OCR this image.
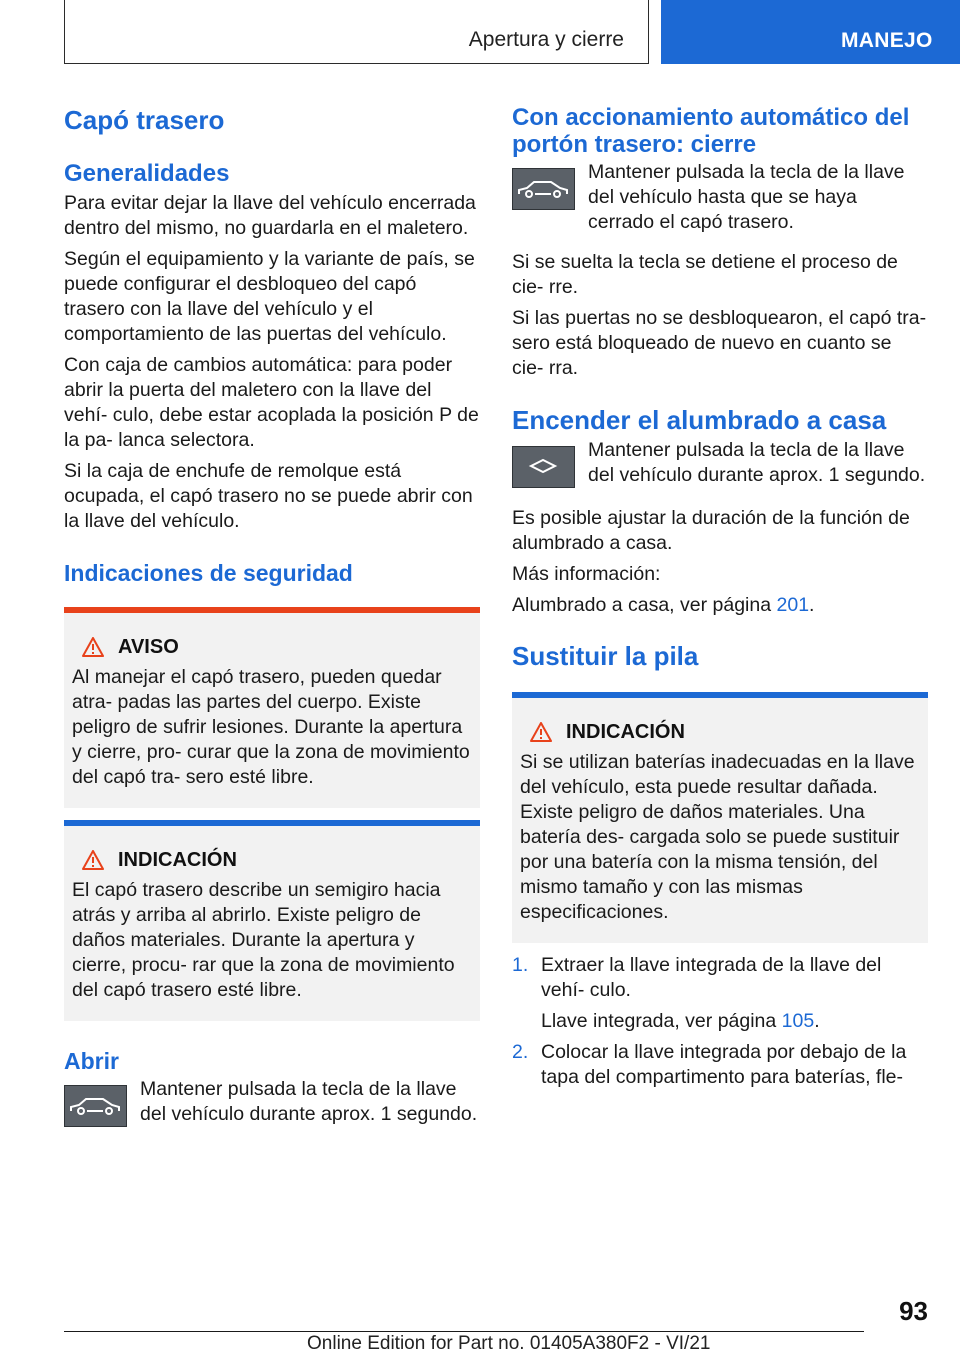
Apertura y cierre	MANEJO
Capó trasero
Generalidades

Para evitar dejar la llave del vehículo encerrada dentro del mismo, no guardarla en el maletero.

Según el equipamiento y la variante de país, se puede configurar el desbloqueo del capó trasero con la llave del vehículo y el comportamiento de las puertas del vehículo.

Con caja de cambios automática: para poder abrir la puerta del maletero con la llave del vehí‐ culo, debe estar acoplada la posición P de la pa‐ lanca selectora.

Si la caja de enchufe de remolque está ocupada, el capó trasero no se puede abrir con la llave del vehículo.

Indicaciones de seguridad
AVISO

Al manejar el capó trasero, pueden quedar atra‐ padas las partes del cuerpo. Existe peligro de sufrir lesiones. Durante la apertura y cierre, pro‐ curar que la zona de movimiento del capó tra‐ sero esté libre.

INDICACIÓN

El capó trasero describe un semigiro hacia atrás y arriba al abrirlo. Existe peligro de daños materiales. Durante la apertura y cierre, procu‐ rar que la zona de movimiento del capó trasero esté libre.

Abrir

Mantener pulsada la tecla de la llave del vehículo durante aprox. 1 segundo.

Con accionamiento automático del portón trasero: cierre

Mantener pulsada la tecla de la llave del vehículo hasta que se haya cerrado el capó trasero.

Si se suelta la tecla se detiene el proceso de cie‐ rre.

Si las puertas no se desbloquearon, el capó tra‐ sero está bloqueado de nuevo en cuanto se cie‐ rra.

Encender el alumbrado a casa

Mantener pulsada la tecla de la llave del vehículo durante aprox. 1 segundo.

Es posible ajustar la duración de la función de alumbrado a casa.

Más información:

Alumbrado a casa, ver página 201.

Sustituir la pila
INDICACIÓN

Si se utilizan baterías inadecuadas en la llave del vehículo, esta puede resultar dañada. Existe peligro de daños materiales. Una batería des‐ cargada solo se puede sustituir por una batería con la misma tensión, del mismo tamaño y con las mismas especificaciones.

1. Extraer la llave integrada de la llave del vehí‐ culo.
Llave integrada, ver página 105.
2. Colocar la llave integrada por debajo de la tapa del compartimento para baterías, fle‐
93
Online Edition for Part no. 01405A380F2 - VI/21
